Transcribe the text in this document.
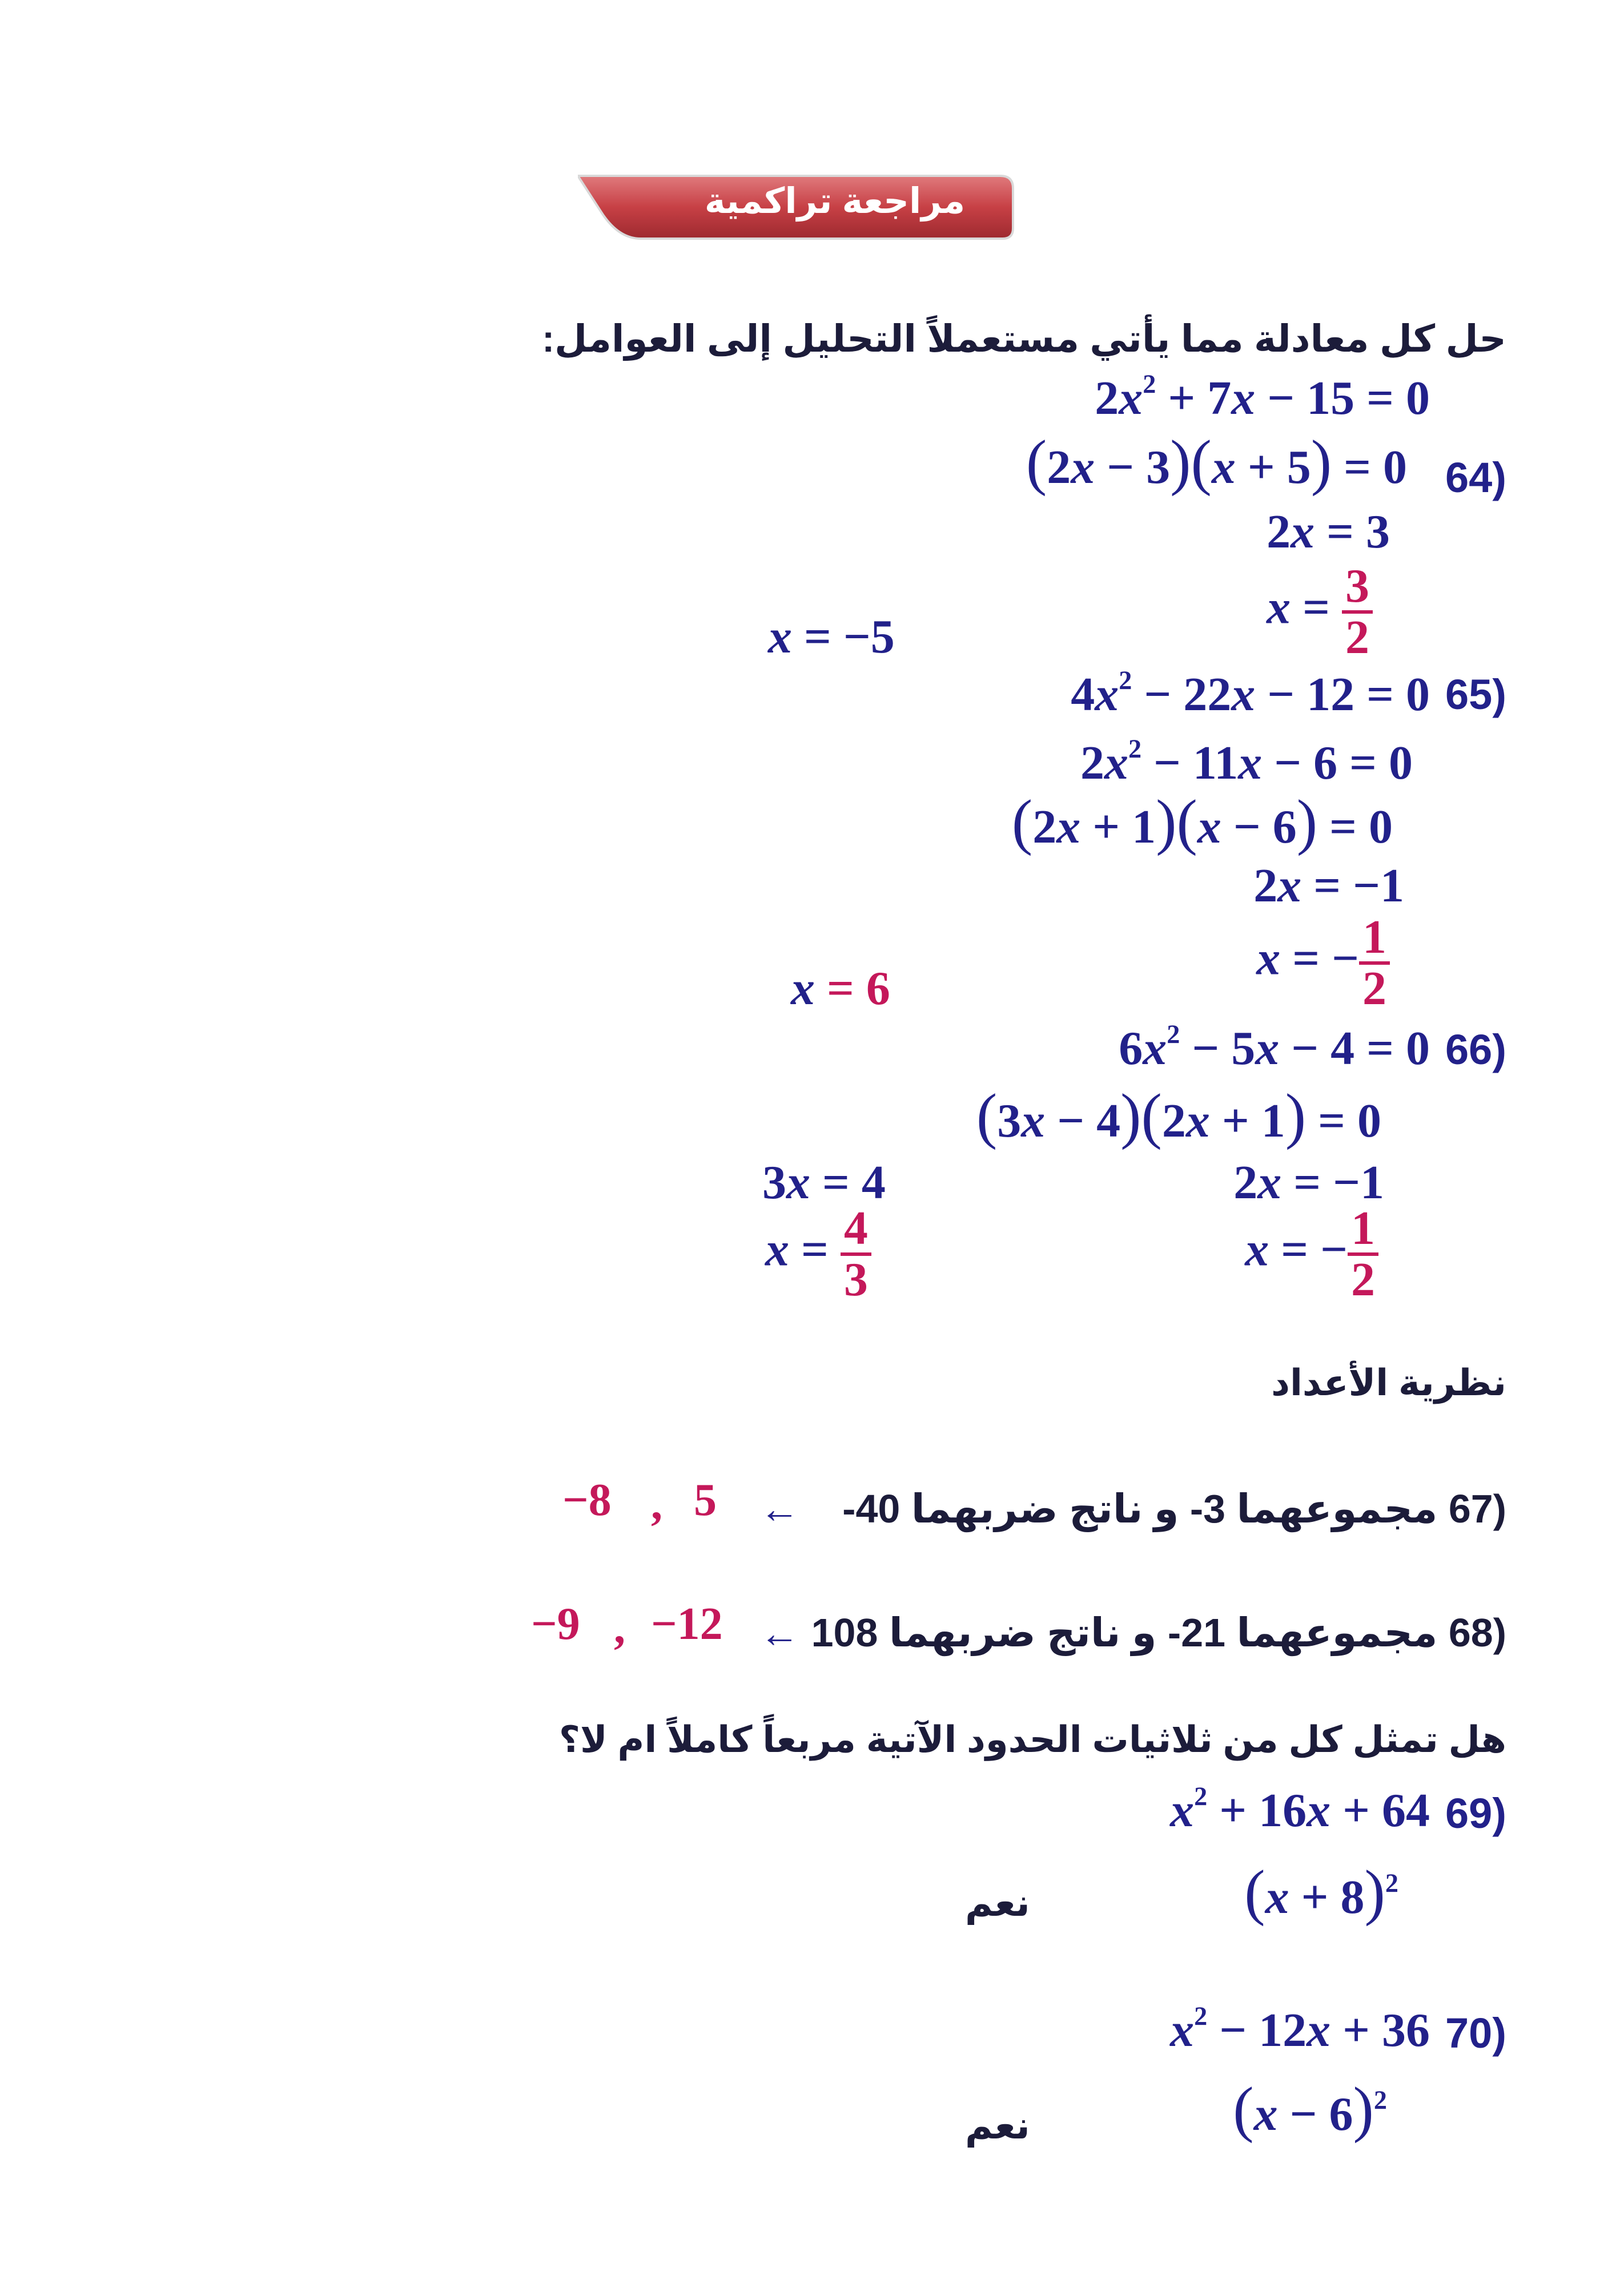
مراجعة تراكمية
حل كل معادلة مما يأتي مستعملاً التحليل إلى العوامل:
(64
$2x^2 + 7x - 15 = 0$
(2x − 3)(x + 5) = 0
2x = 3
$x = \frac{3}{2}$
x = −5
(65
$4x^2 - 22x - 12 = 0$
$2x^2 - 11x - 6 = 0$
(2x + 1)(x − 6) = 0
2x = −1
x = − $\frac{1}{2}$
x = 6
(66
$6x^2 - 5x - 4 = 0$
(3x − 4)(2x + 1) = 0
2x = −1
x = − $\frac{1}{2}$
3x = 4
$x = \frac{4}{3}$
نظرية الأعداد
(67 مجموعهما 3- و ناتج ضربهما 40-
←
5
,
−8
(68 مجموعهما 21- و ناتج ضربهما 108
←
−12
,
−9
هل تمثل كل من ثلاثيات الحدود الآتية مربعاً كاملاً ام لا؟
(69
$x^2 + 16x + 64$
$(x + 8)^2$
نعم
(70
$x^2 - 12x + 36$
$(x - 6)^2$
نعم
